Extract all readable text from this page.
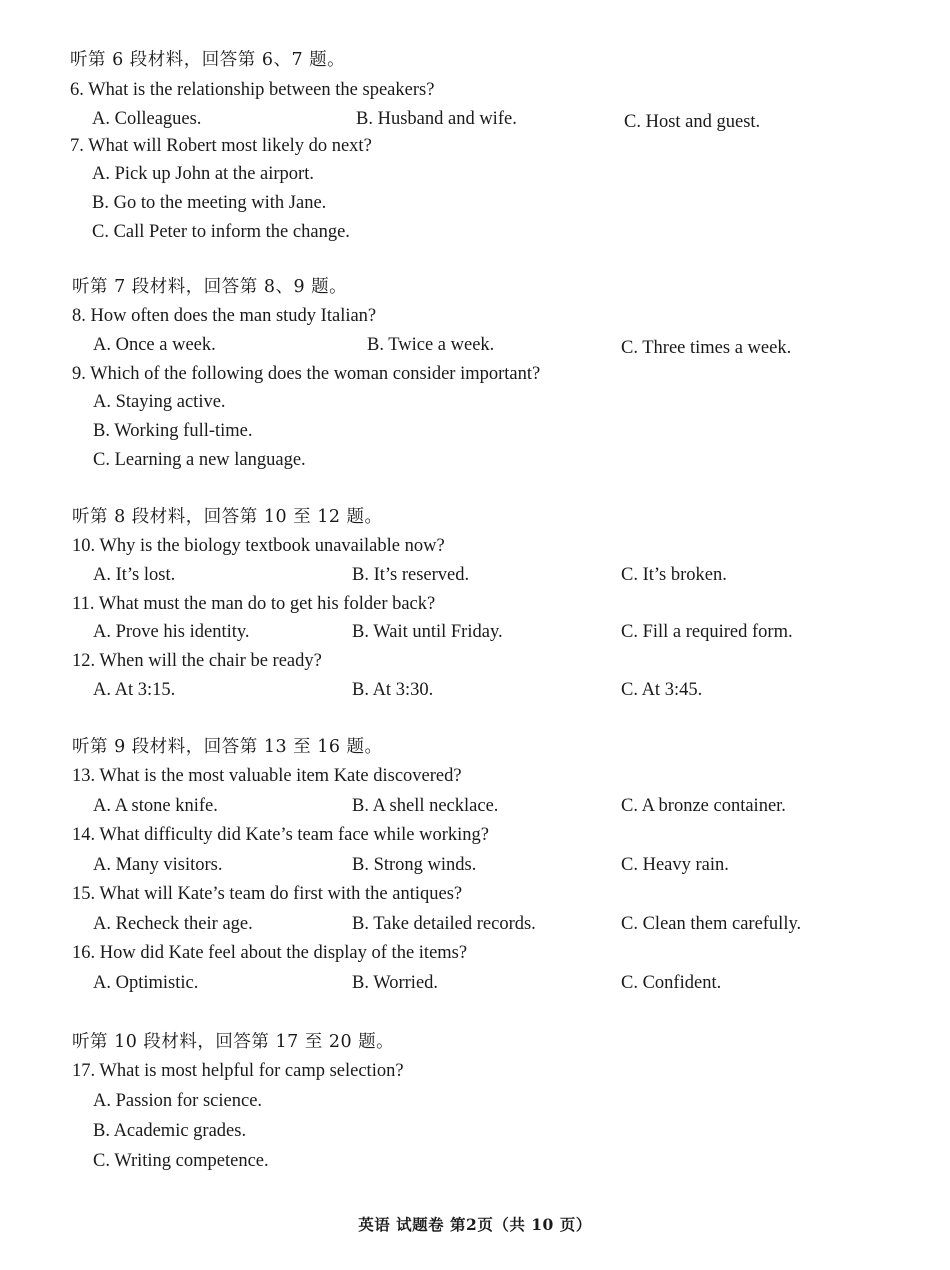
听第 6 段材料，回答第 6、7 题。
6. What is the relationship between the speakers?
A. Colleagues.	B. Husband and wife.	C. Host and guest.
7. What will Robert most likely do next?
A. Pick up John at the airport.
B. Go to the meeting with Jane.
C. Call Peter to inform the change.
听第 7 段材料，回答第 8、9 题。
8. How often does the man study Italian?
A. Once a week.	B. Twice a week.	C. Three times a week.
9. Which of the following does the woman consider important?
A. Staying active.
B. Working full-time.
C. Learning a new language.
听第 8 段材料，回答第 10 至 12 题。
10. Why is the biology textbook unavailable now?
A. It’s lost.	B. It’s reserved.	C. It’s broken.
11. What must the man do to get his folder back?
A. Prove his identity.	B. Wait until Friday.	C. Fill a required form.
12. When will the chair be ready?
A. At 3:15.	B. At 3:30.	C. At 3:45.
听第 9 段材料，回答第 13 至 16 题。
13. What is the most valuable item Kate discovered?
A. A stone knife.	B. A shell necklace.	C. A bronze container.
14. What difficulty did Kate’s team face while working?
A. Many visitors.	B. Strong winds.	C. Heavy rain.
15. What will Kate’s team do first with the antiques?
A. Recheck their age.	B. Take detailed records.	C. Clean them carefully.
16. How did Kate feel about the display of the items?
A. Optimistic.	B. Worried.	C. Confident.
听第 10 段材料，回答第 17 至 20 题。
17. What is most helpful for camp selection?
A. Passion for science.
B. Academic grades.
C. Writing competence.
英语 试题卷 第2页（共 10 页）
